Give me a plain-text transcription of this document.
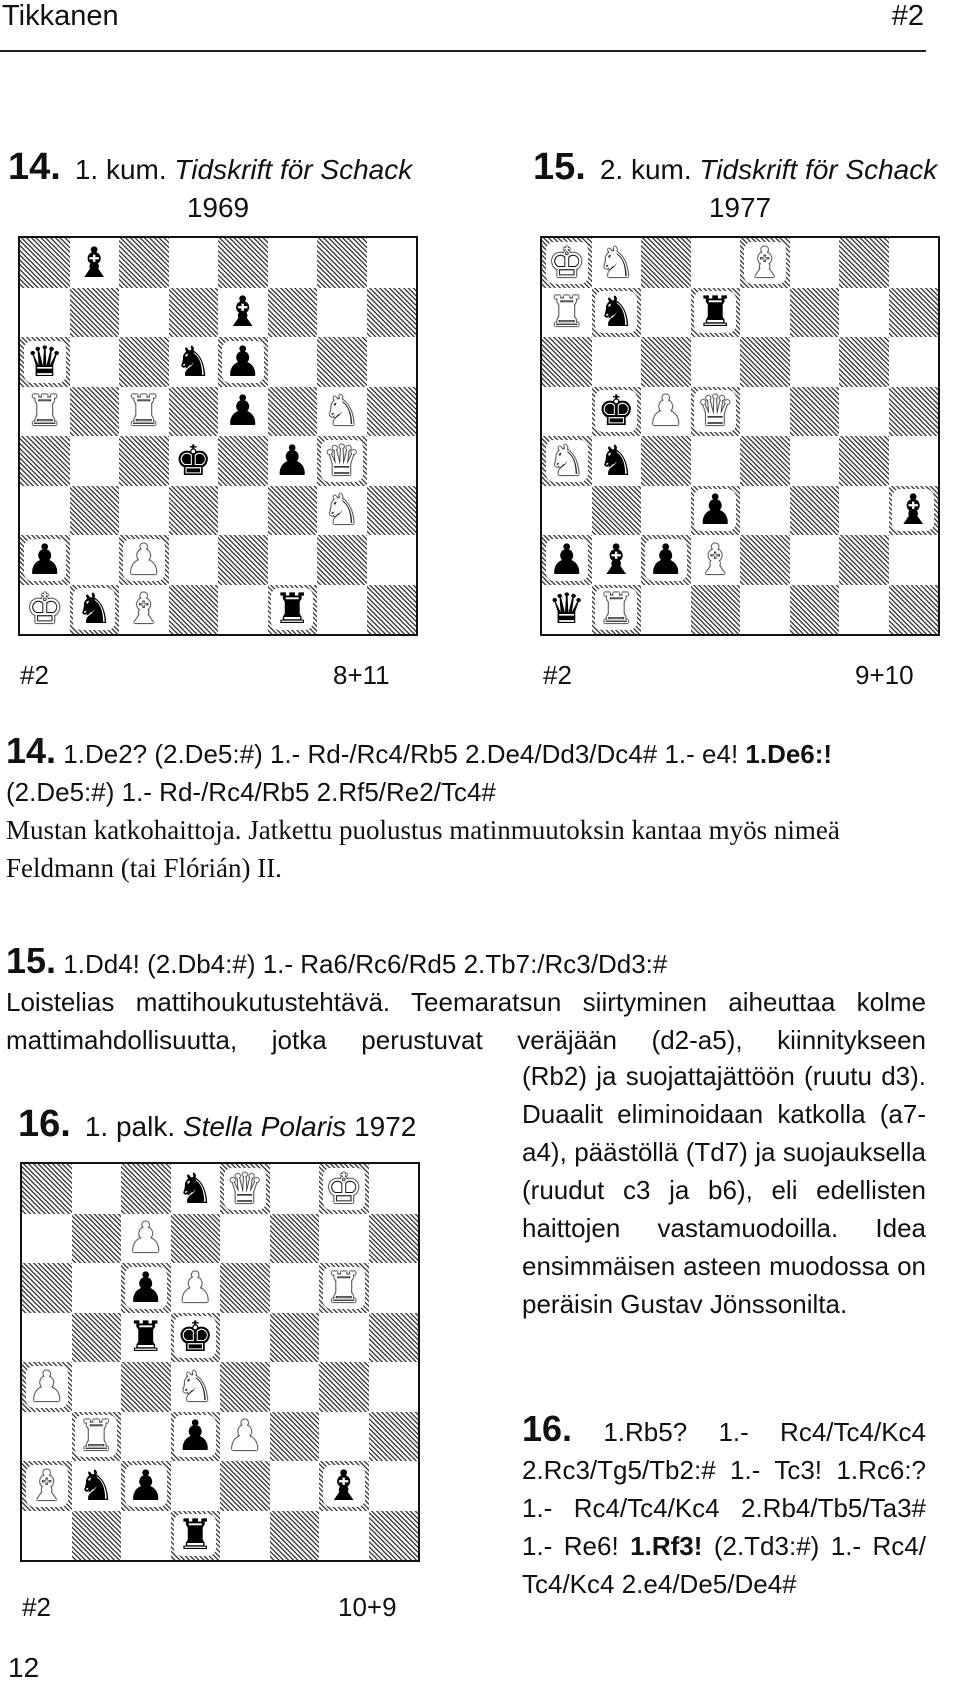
Tikkanen	#2
14. 1. kum. Tidskrift för Schack
1969
♝
♝
♛	♞ ♟
♜ ♜ ♟ ♞
♚ ♟ ♛
♞
♟ ♟
♚ ♞ ♝	♜
#2	8+11
15. 2. kum. Tidskrift för Schack
1977
♚ ♞	♝
♜ ♞ ♜
♚ ♟ ♛
♞ ♞
♟	♝
♟ ♝ ♟ ♝
♛ ♜
#2	9+10
14. 1.De2? (2.De5:#) 1.- Rd-/Rc4/Rb5 2.De4/Dd3/Dc4# 1.- e4! 1.De6:!
(2.De5:#) 1.- Rd-/Rc4/Rb5 2.Rf5/Re2/Tc4#
Mustan katkohaittoja. Jatkettu puolustus matinmuutoksin kantaa myös nimeä Feldmann (tai Flórián) II.
15. 1.Dd4! (2.Db4:#) 1.- Ra6/Rc6/Rd5 2.Tb7:/Rc3/Dd3:#

Loistelias mattihoukutustehtävä. Teemaratsun siirtyminen aiheuttaa kolme mattimahdollisuutta, jotka perustuvat veräjään (d2-a5), kiinnitykseen
(Rb2) ja suojattajättöön (ruutu d3). Duaalit eliminoidaan katkolla (a7-a4), päästöllä (Td7) ja suojauksella (ruudut c3 ja b6), eli edellisten haittojen vastamuodoilla. Idea ensimmäisen asteen muodossa on peräisin Gustav Jönssonilta.
16. 1. palk. Stella Polaris 1972
♞ ♛ ♚
♟
♟ ♟	♜
♜ ♚
♟	♞
♜ ♟ ♟
♝ ♞ ♟	♝
♜
#2	10+9
16. 1.Rb5? 1.- Rc4/Tc4/Kc4 2.Rc3/Tg5/Tb2:# 1.- Tc3! 1.Rc6:? 1.- Rc4/Tc4/Kc4 2.Rb4/Tb5/Ta3# 1.- Re6! 1.Rf3! (2.Td3:#) 1.- Rc4/ Tc4/Kc4 2.e4/De5/De4#
12
